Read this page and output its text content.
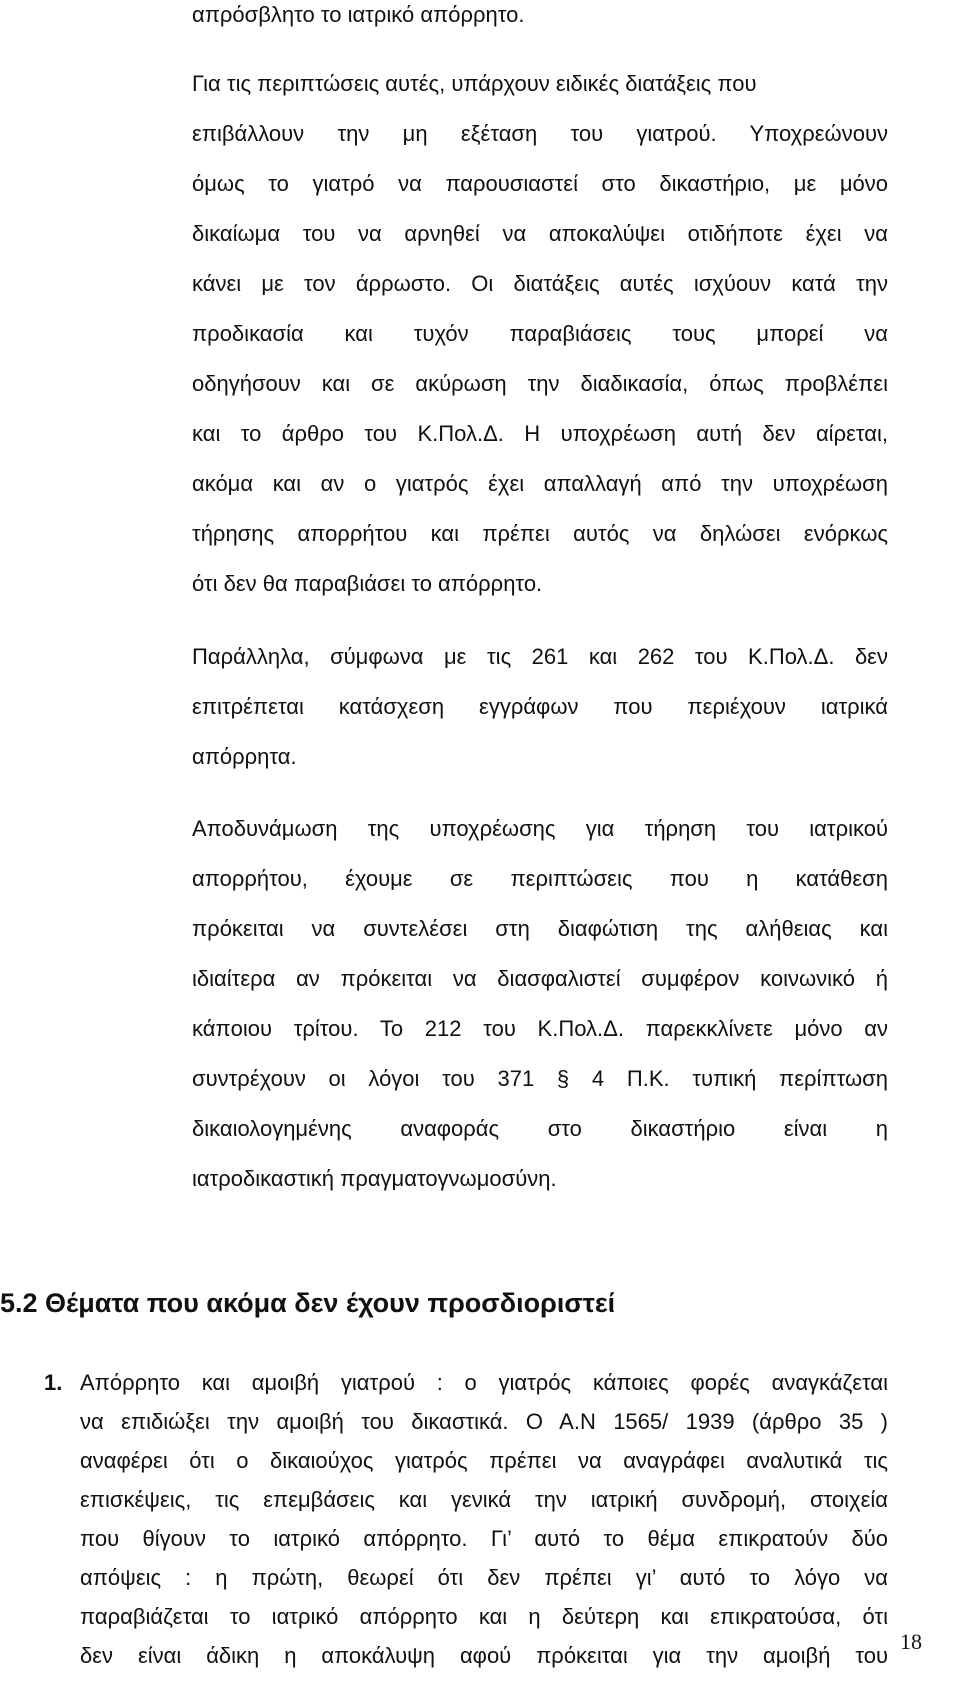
απρόσβλητο το ιατρικό απόρρητο.
Για τις περιπτώσεις αυτές, υπάρχουν ειδικές διατάξεις που
επιβάλλουν την μη εξέταση του γιατρού. Υποχρεώνουν
όμως το γιατρό να παρουσιαστεί στο δικαστήριο, με μόνο
δικαίωμα του να αρνηθεί να αποκαλύψει οτιδήποτε έχει να
κάνει με τον άρρωστο. Οι διατάξεις αυτές ισχύουν κατά την
προδικασία και τυχόν παραβιάσεις τους μπορεί να
οδηγήσουν και σε ακύρωση την διαδικασία, όπως προβλέπει
και το άρθρο του Κ.Πολ.Δ. Η υποχρέωση αυτή δεν αίρεται,
ακόμα και αν ο γιατρός έχει απαλλαγή από την υποχρέωση
τήρησης απορρήτου και πρέπει αυτός να δηλώσει ενόρκως
ότι δεν θα παραβιάσει το απόρρητο.
Παράλληλα, σύμφωνα με τις 261 και 262 του Κ.Πολ.Δ. δεν
επιτρέπεται κατάσχεση εγγράφων που περιέχουν ιατρικά
απόρρητα.
Αποδυνάμωση της υποχρέωσης για τήρηση του ιατρικού
απορρήτου, έχουμε σε περιπτώσεις που η κατάθεση
πρόκειται να συντελέσει στη διαφώτιση της αλήθειας και
ιδιαίτερα αν πρόκειται να διασφαλιστεί συμφέρον κοινωνικό ή
κάπoιου τρίτου. Το 212 του Κ.Πολ.Δ. παρεκκλίνετε μόνο αν
συντρέχουν οι λόγοι του 371 § 4 Π.Κ. τυπική περίπτωση
δικαιολογημένης αναφοράς στο δικαστήριο είναι η
ιατροδικαστική πραγματογνωμοσύνη.
5.2 Θέματα που ακόμα δεν έχουν προσδιοριστεί
1. Απόρρητο και αμοιβή γιατρού : ο γιατρός κάποιες φορές αναγκάζεται
να επιδιώξει την αμοιβή του δικαστικά. Ο Α.Ν 1565/ 1939 (άρθρο 35 )
αναφέρει ότι ο δικαιούχος γιατρός πρέπει να αναγράφει αναλυτικά τις
επισκέψεις, τις επεμβάσεις και γενικά την ιατρική συνδρομή, στοιχεία
που θίγουν το ιατρικό απόρρητο. Γι’ αυτό το θέμα επικρατούν δύο
απόψεις : η πρώτη, θεωρεί ότι δεν πρέπει γι’ αυτό το λόγο να
παραβιάζεται το ιατρικό απόρρητο και η δεύτερη και επικρατούσα, ότι
δεν είναι άδικη η αποκάλυψη αφού πρόκειται για την αμοιβή του
18
